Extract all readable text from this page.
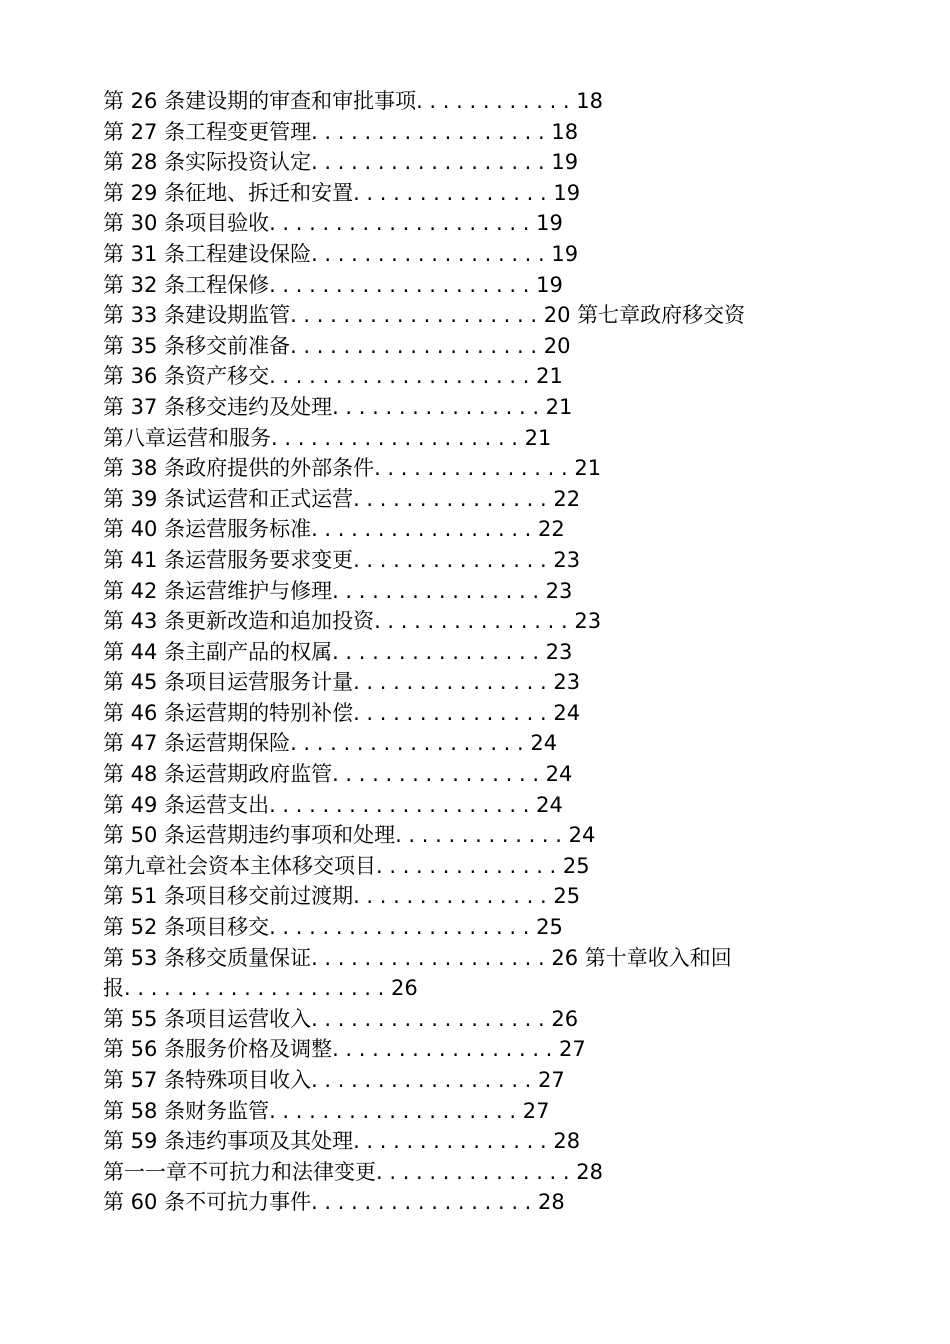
第 26 条建设期的审查和审批事项. . . . . . . . . . . . 18
第 27 条工程变更管理. . . . . . . . . . . . . . . . . . 18
第 28 条实际投资认定. . . . . . . . . . . . . . . . . . 19
第 29 条征地、拆迁和安置. . . . . . . . . . . . . . . 19
第 30 条项目验收. . . . . . . . . . . . . . . . . . . . 19
第 31 条工程建设保险. . . . . . . . . . . . . . . . . . 19
第 32 条工程保修. . . . . . . . . . . . . . . . . . . . 19
第 33 条建设期监管. . . . . . . . . . . . . . . . . . . 20 第七章政府移交资
第 35 条移交前准备. . . . . . . . . . . . . . . . . . . 20
第 36 条资产移交. . . . . . . . . . . . . . . . . . . . 21
第 37 条移交违约及处理. . . . . . . . . . . . . . . . 21
第八章运营和服务. . . . . . . . . . . . . . . . . . . 21
第 38 条政府提供的外部条件. . . . . . . . . . . . . . . 21
第 39 条试运营和正式运营. . . . . . . . . . . . . . . 22
第 40 条运营服务标准. . . . . . . . . . . . . . . . . 22
第 41 条运营服务要求变更. . . . . . . . . . . . . . . 23
第 42 条运营维护与修理. . . . . . . . . . . . . . . . 23
第 43 条更新改造和追加投资. . . . . . . . . . . . . . . 23
第 44 条主副产品的权属. . . . . . . . . . . . . . . . 23
第 45 条项目运营服务计量. . . . . . . . . . . . . . . 23
第 46 条运营期的特别补偿. . . . . . . . . . . . . . . 24
第 47 条运营期保险. . . . . . . . . . . . . . . . . . 24
第 48 条运营期政府监管. . . . . . . . . . . . . . . . 24
第 49 条运营支出. . . . . . . . . . . . . . . . . . . . 24
第 50 条运营期违约事项和处理. . . . . . . . . . . . . 24
第九章社会资本主体移交项目. . . . . . . . . . . . . . 25
第 51 条项目移交前过渡期. . . . . . . . . . . . . . . 25
第 52 条项目移交. . . . . . . . . . . . . . . . . . . . 25
第 53 条移交质量保证. . . . . . . . . . . . . . . . . . 26 第十章收入和回
报. . . . . . . . . . . . . . . . . . . . 26
第 55 条项目运营收入. . . . . . . . . . . . . . . . . . 26
第 56 条服务价格及调整. . . . . . . . . . . . . . . . . 27
第 57 条特殊项目收入. . . . . . . . . . . . . . . . . 27
第 58 条财务监管. . . . . . . . . . . . . . . . . . . 27
第 59 条违约事项及其处理. . . . . . . . . . . . . . . 28
第一一章不可抗力和法律变更. . . . . . . . . . . . . . . 28
第 60 条不可抗力事件. . . . . . . . . . . . . . . . . 28
